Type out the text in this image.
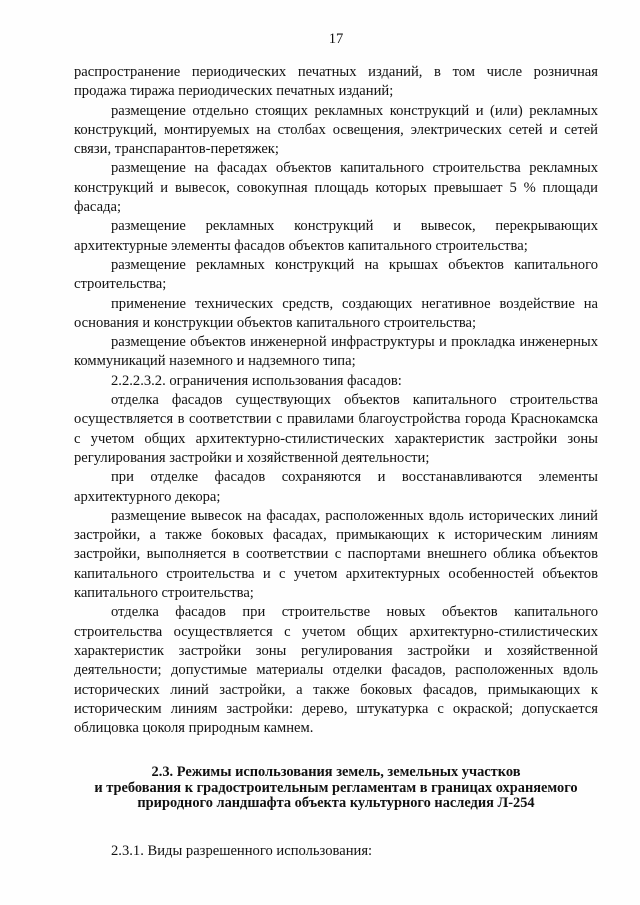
17

распространение периодических печатных изданий, в том числе розничная продажа тиража периодических печатных изданий;

размещение отдельно стоящих рекламных конструкций и (или) рекламных конструкций, монтируемых на столбах освещения, электрических сетей и сетей связи, транспарантов-перетяжек;

размещение на фасадах объектов капитального строительства рекламных конструкций и вывесок, совокупная площадь которых превышает 5 % площади фасада;

размещение рекламных конструкций и вывесок, перекрывающих архитектурные элементы фасадов объектов капитального строительства;

размещение рекламных конструкций на крышах объектов капитального строительства;

применение технических средств, создающих негативное воздействие на основания и конструкции объектов капитального строительства;

размещение объектов инженерной инфраструктуры и прокладка инженерных коммуникаций наземного и надземного типа;

2.2.2.3.2. ограничения использования фасадов:

отделка фасадов существующих объектов капитального строительства осуществляется в соответствии с правилами благоустройства города Краснокамска с учетом общих архитектурно-стилистических характеристик застройки зоны регулирования застройки и хозяйственной деятельности;

при отделке фасадов сохраняются и восстанавливаются элементы архитектурного декора;

размещение вывесок на фасадах, расположенных вдоль исторических линий застройки, а также боковых фасадах, примыкающих к историческим линиям застройки, выполняется в соответствии с паспортами внешнего облика объектов капитального строительства и с учетом архитектурных особенностей объектов капитального строительства;

отделка фасадов при строительстве новых объектов капитального строительства осуществляется с учетом общих архитектурно-стилистических характеристик застройки зоны регулирования застройки и хозяйственной деятельности; допустимые материалы отделки фасадов, расположенных вдоль исторических линий застройки, а также боковых фасадов, примыкающих к историческим линиям застройки: дерево, штукатурка с окраской; допускается облицовка цоколя природным камнем.

2.3. Режимы использования земель, земельных участков
и требования к градостроительным регламентам в границах охраняемого
природного ландшафта объекта культурного наследия Л-254
2.3.1. Виды разрешенного использования:
